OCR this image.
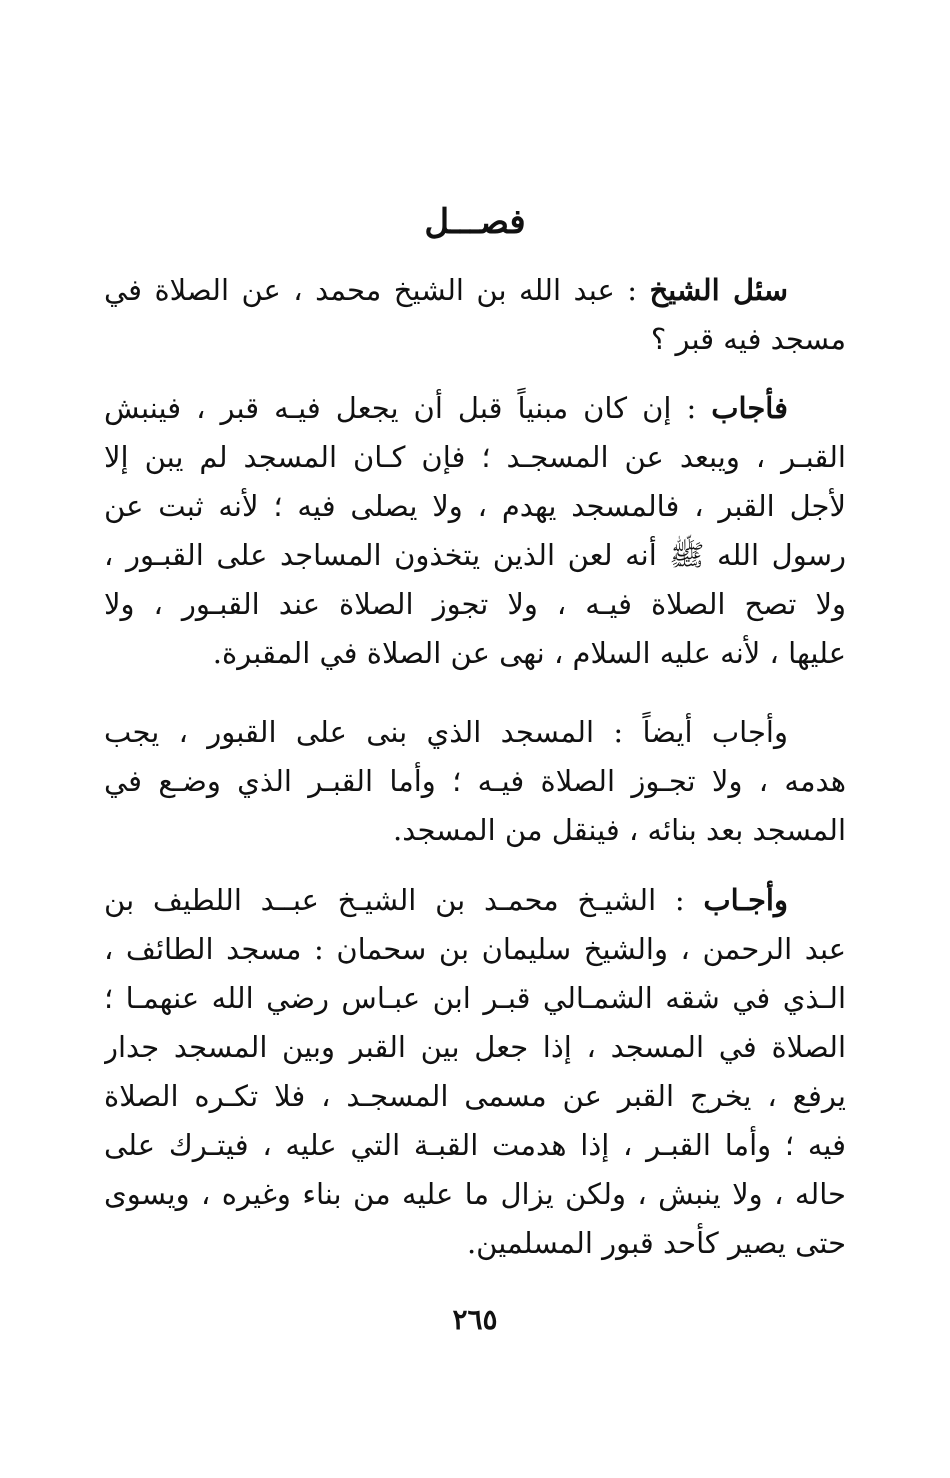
فصـــل
سئل الشيخ : عبد الله بن الشيخ محمد ، عن الصلاة في
مسجد فيه قبر ؟
فأجاب : إن كان مبنياً قبل أن يجعل فيـه قبر ، فينبش
القبـر ، ويبعد عن المسجـد ؛ فإن كـان المسجد لم يبن إلا
لأجل القبر ، فالمسجد يهدم ، ولا يصلى فيه ؛ لأنه ثبت عن
رسول الله ﷺ أنه لعن الذين يتخذون المساجد على القبـور ،
ولا تصح الصلاة فيـه ، ولا تجوز الصلاة عند القبـور ، ولا
عليها ، لأنه عليه السلام ، نهى عن الصلاة في المقبرة.
وأجاب أيضاً : المسجد الذي بنى على القبور ، يجب
هدمه ، ولا تجـوز الصلاة فيـه ؛ وأما القبـر الذي وضـع في
المسجد بعد بنائه ، فينقل من المسجد.
وأجـاب : الشيـخ محمـد بن الشيـخ عبــد اللطيف بن
عبد الرحمن ، والشيخ سليمان بن سحمان : مسجد الطائف ،
الـذي في شقه الشمـالي قبـر ابن عبـاس رضي الله عنهمـا ؛
الصلاة في المسجد ، إذا جعل بين القبر وبين المسجد جدار
يرفع ، يخرج القبر عن مسمى المسجـد ، فلا تكـره الصلاة
فيه ؛ وأما القبـر ، إذا هدمت القبـة التي عليه ، فيتـرك على
حاله ، ولا ينبش ، ولكن يزال ما عليه من بناء وغيره ، ويسوى
حتى يصير كأحد قبور المسلمين.
٢٦٥
